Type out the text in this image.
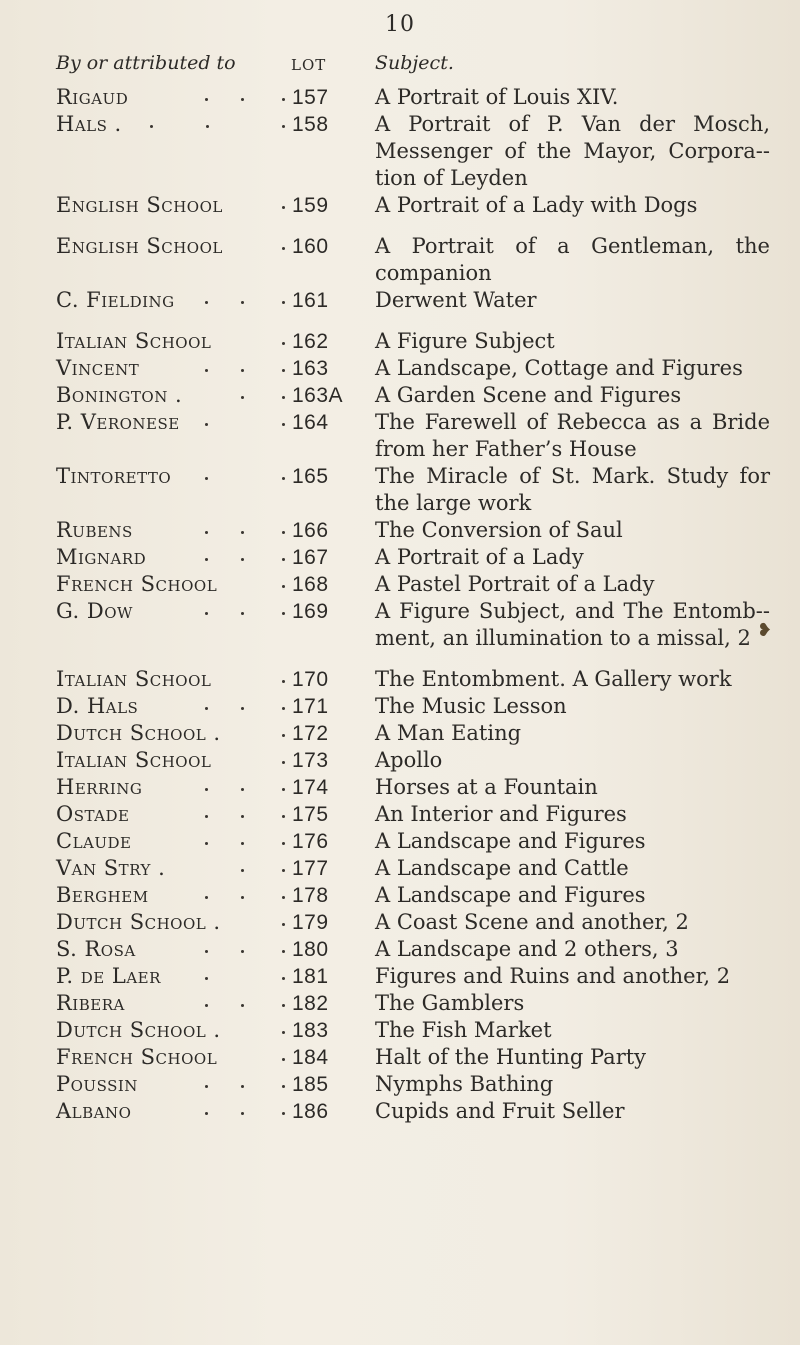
10
By or attributed to	LOT	Subject.
Rigaud	157	A Portrait of Louis XIV.
Hals .	158	A Portrait of P. Van der Mosch, Messenger of the Mayor, Corpora-tion of Leyden
English School	159	A Portrait of a Lady with Dogs
English School	160	A Portrait of a Gentleman, the companion
C. Fielding	161	Derwent Water
Italian School	162	A Figure Subject
Vincent	163	A Landscape, Cottage and Figures
Bonington .	163A	A Garden Scene and Figures
P. Veronese	164	The Farewell of Rebecca as a Bride from her Father’s House
Tintoretto	165	The Miracle of St. Mark. Study for the large work
Rubens	166	The Conversion of Saul
Mignard	167	A Portrait of a Lady
French School	168	A Pastel Portrait of a Lady
G. Dow	169	A Figure Subject, and The Entomb-ment, an illumination to a missal, 2
Italian School	170	The Entombment. A Gallery work
D. Hals	171	The Music Lesson
Dutch School .	172	A Man Eating
Italian School	173	Apollo
Herring	174	Horses at a Fountain
Ostade	175	An Interior and Figures
Claude	176	A Landscape and Figures
Van Stry .	177	A Landscape and Cattle
Berghem	178	A Landscape and Figures
Dutch School .	179	A Coast Scene and another, 2
S. Rosa	180	A Landscape and 2 others, 3
P. de Laer	181	Figures and Ruins and another, 2
Ribera	182	The Gamblers
Dutch School .	183	The Fish Market
French School	184	Halt of the Hunting Party
Poussin	185	Nymphs Bathing
Albano	186	Cupids and Fruit Seller
❥
